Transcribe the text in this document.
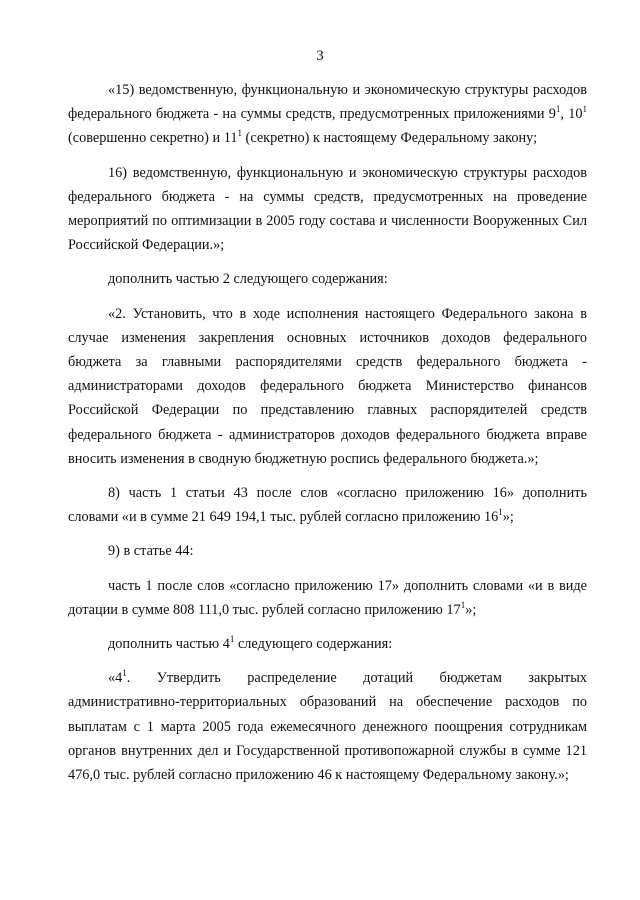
3

«15) ведомственную, функциональную и экономическую структуры расходов федерального бюджета - на суммы средств, предусмотренных приложениями $9^1$, $10^1$ (совершенно секретно) и $11^1$ (секретно) к настоящему Федеральному закону;

16) ведомственную, функциональную и экономическую структуры расходов федерального бюджета - на суммы средств, предусмотренных на проведение мероприятий по оптимизации в 2005 году состава и численности Вооруженных Сил Российской Федерации.»;

дополнить частью 2 следующего содержания:

«2. Установить, что в ходе исполнения настоящего Федерального закона в случае изменения закрепления основных источников доходов федерального бюджета за главными распорядителями средств федерального бюджета - администраторами доходов федерального бюджета Министерство финансов Российской Федерации по представлению главных распорядителей средств федерального бюджета - администраторов доходов федерального бюджета вправе вносить изменения в сводную бюджетную роспись федерального бюджета.»;

8) часть 1 статьи 43 после слов «согласно приложению 16» дополнить словами «и в сумме 21 649 194,1 тыс. рублей согласно приложению $16^1$»;

9) в статье 44:

часть 1 после слов «согласно приложению 17» дополнить словами «и в виде дотации в сумме 808 111,0 тыс. рублей согласно приложению $17^1$»;

дополнить частью $4^1$ следующего содержания:

«$4^1$. Утвердить распределение дотаций бюджетам закрытых административно-территориальных образований на обеспечение расходов по выплатам с 1 марта 2005 года ежемесячного денежного поощрения сотрудникам органов внутренних дел и Государственной противопожарной службы в сумме 121 476,0 тыс. рублей согласно приложению 46 к настоящему Федеральному закону.»;
